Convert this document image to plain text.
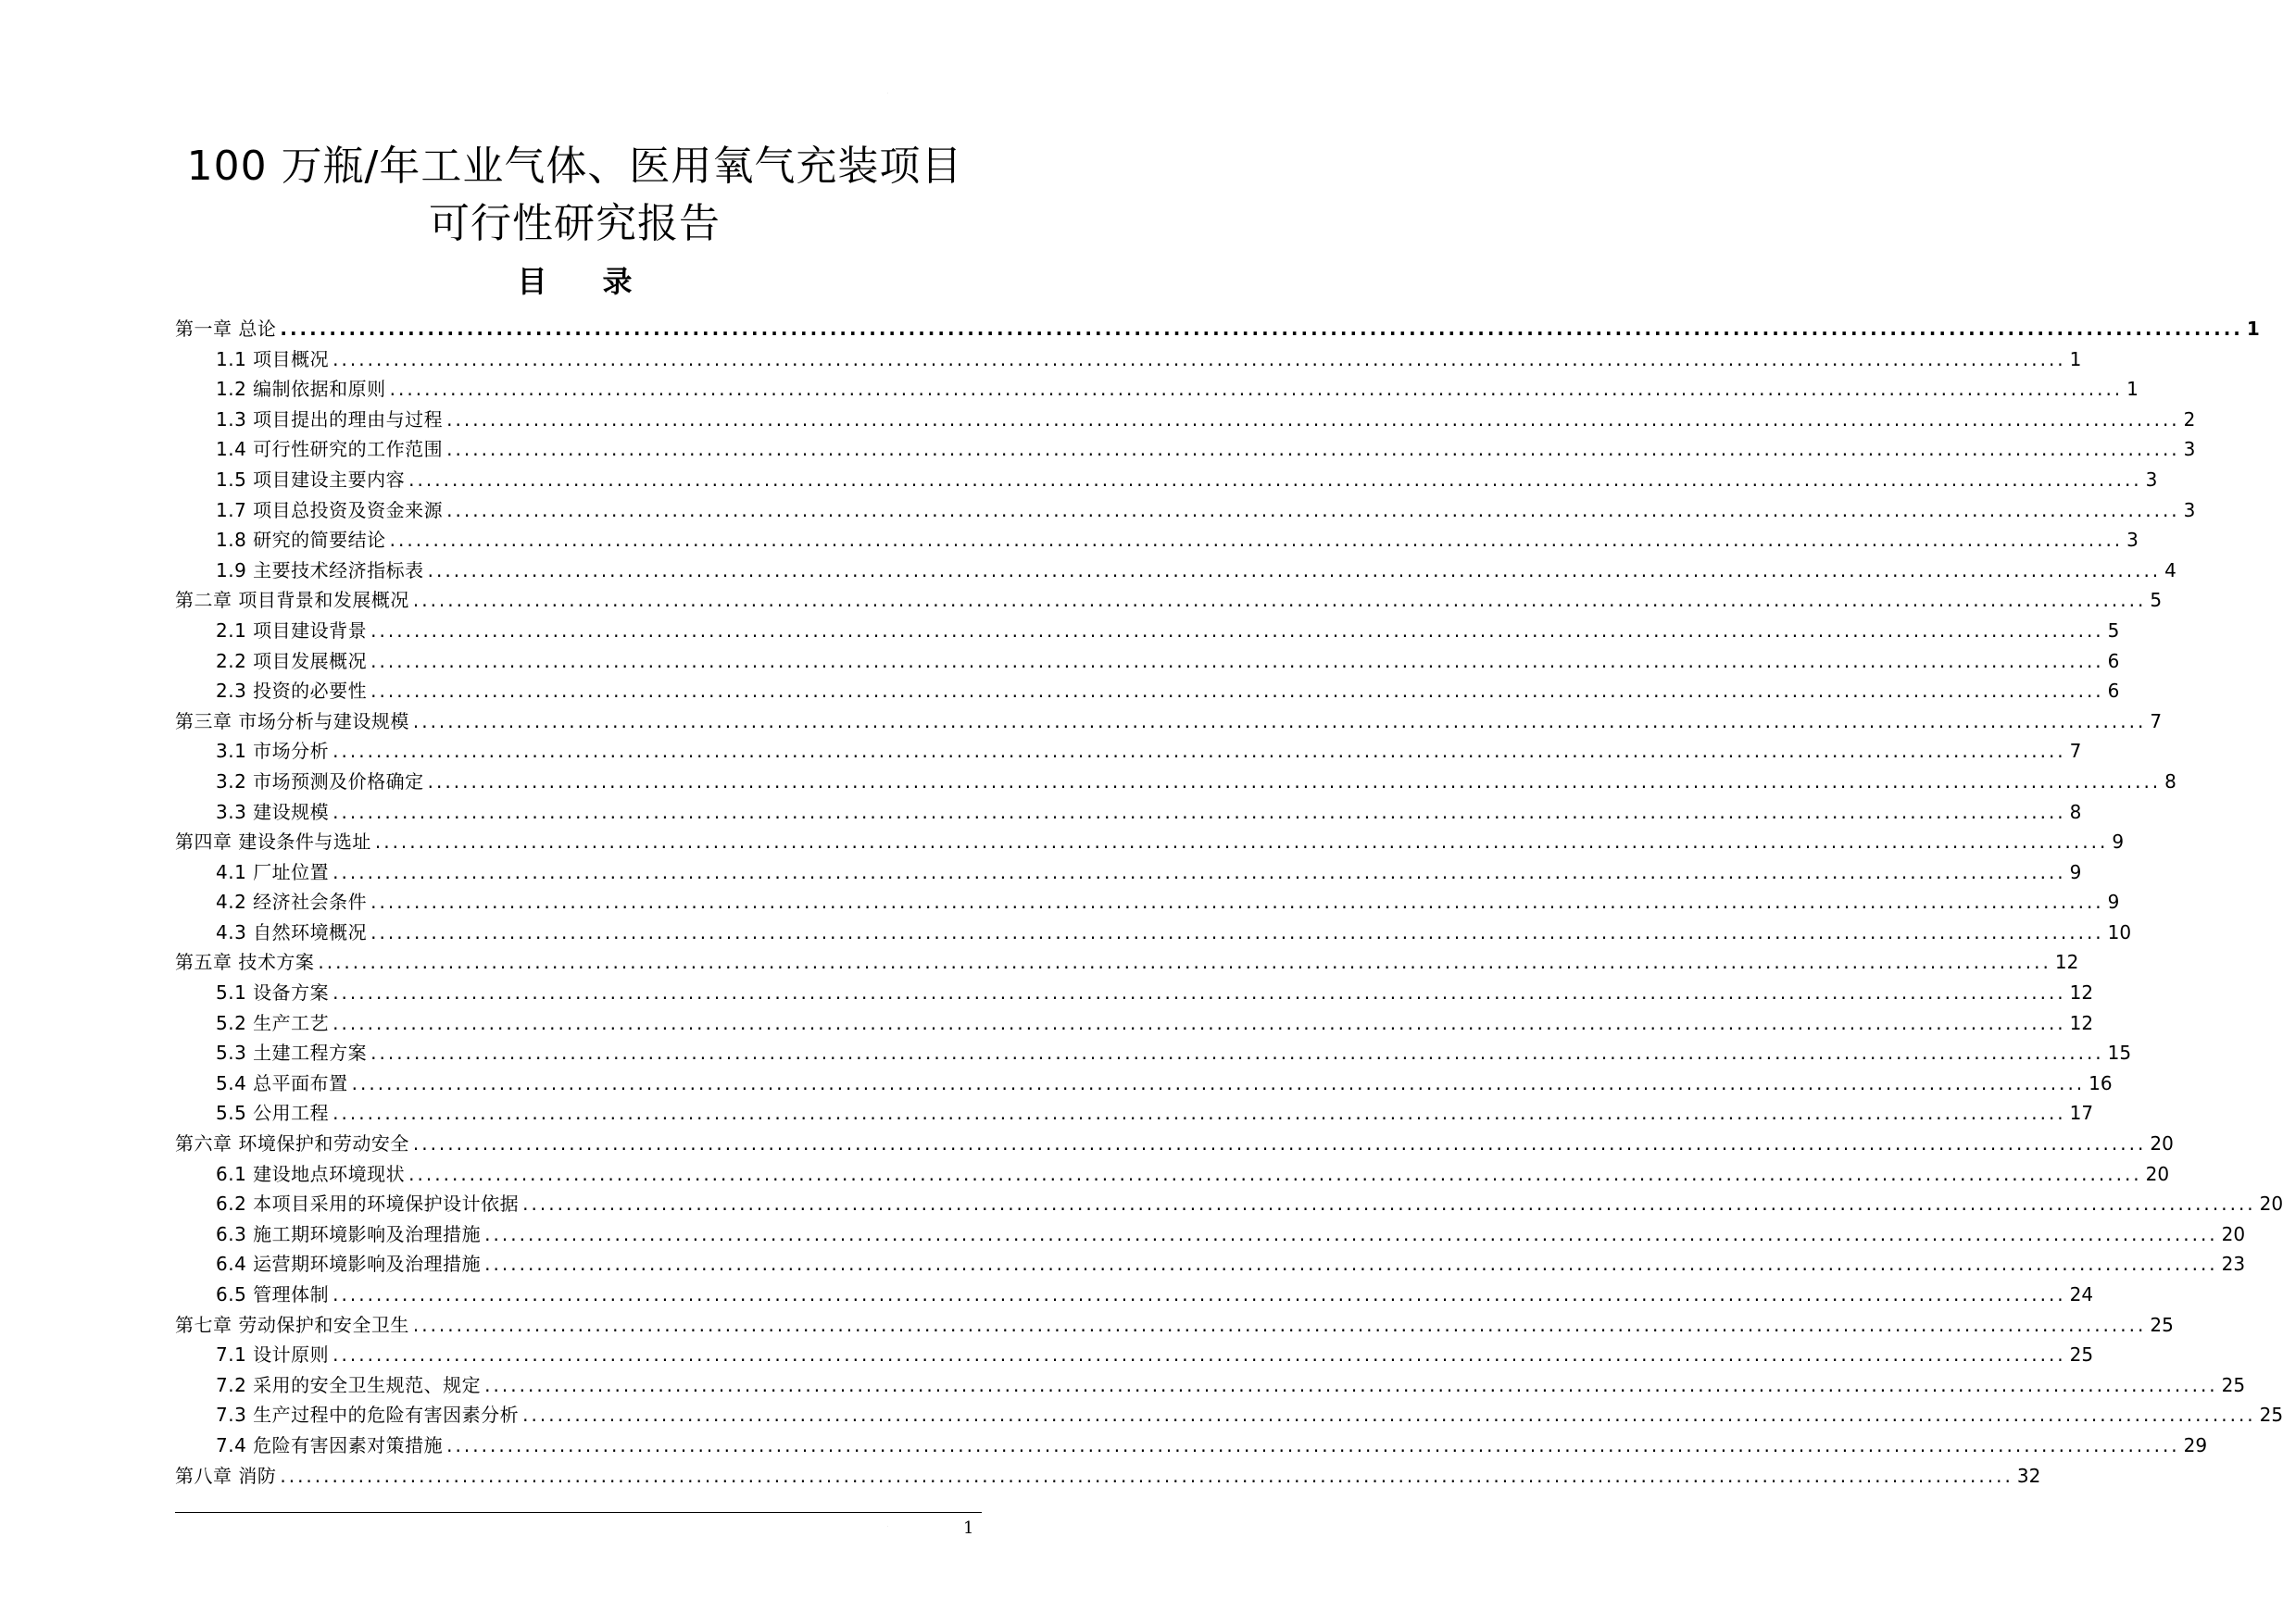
·
100 万瓶/年工业气体、医用氧气充装项目
可行性研究报告
目录
第一章 总论 ........................................................................................................................................................................................................ 1
1.1 项目概况 ........................................................................................................................................................................................................ 1
1.2 编制依据和原则 ........................................................................................................................................................................................................ 1
1.3 项目提出的理由与过程 ........................................................................................................................................................................................................ 2
1.4 可行性研究的工作范围 ........................................................................................................................................................................................................ 3
1.5 项目建设主要内容 ........................................................................................................................................................................................................ 3
1.7 项目总投资及资金来源 ........................................................................................................................................................................................................ 3
1.8 研究的简要结论 ........................................................................................................................................................................................................ 3
1.9 主要技术经济指标表 ........................................................................................................................................................................................................ 4
第二章 项目背景和发展概况 ........................................................................................................................................................................................................ 5
2.1 项目建设背景 ........................................................................................................................................................................................................ 5
2.2 项目发展概况 ........................................................................................................................................................................................................ 6
2.3 投资的必要性 ........................................................................................................................................................................................................ 6
第三章 市场分析与建设规模 ........................................................................................................................................................................................................ 7
3.1 市场分析 ........................................................................................................................................................................................................ 7
3.2 市场预测及价格确定 ........................................................................................................................................................................................................ 8
3.3 建设规模 ........................................................................................................................................................................................................ 8
第四章 建设条件与选址 ........................................................................................................................................................................................................ 9
4.1 厂址位置 ........................................................................................................................................................................................................ 9
4.2 经济社会条件 ........................................................................................................................................................................................................ 9
4.3 自然环境概况 ........................................................................................................................................................................................................ 10
第五章 技术方案 ........................................................................................................................................................................................................ 12
5.1 设备方案 ........................................................................................................................................................................................................ 12
5.2 生产工艺 ........................................................................................................................................................................................................ 12
5.3 土建工程方案 ........................................................................................................................................................................................................ 15
5.4 总平面布置 ........................................................................................................................................................................................................ 16
5.5 公用工程 ........................................................................................................................................................................................................ 17
第六章 环境保护和劳动安全 ........................................................................................................................................................................................................ 20
6.1 建设地点环境现状 ........................................................................................................................................................................................................ 20
6.2 本项目采用的环境保护设计依据 ........................................................................................................................................................................................................ 20
6.3 施工期环境影响及治理措施 ........................................................................................................................................................................................................ 20
6.4 运营期环境影响及治理措施 ........................................................................................................................................................................................................ 23
6.5 管理体制 ........................................................................................................................................................................................................ 24
第七章 劳动保护和安全卫生 ........................................................................................................................................................................................................ 25
7.1 设计原则 ........................................................................................................................................................................................................ 25
7.2 采用的安全卫生规范、规定 ........................................................................................................................................................................................................ 25
7.3 生产过程中的危险有害因素分析 ........................................................................................................................................................................................................ 25
7.4 危险有害因素对策措施 ........................................................................................................................................................................................................ 29
第八章 消防 ........................................................................................................................................................................................................ 32
·	1
